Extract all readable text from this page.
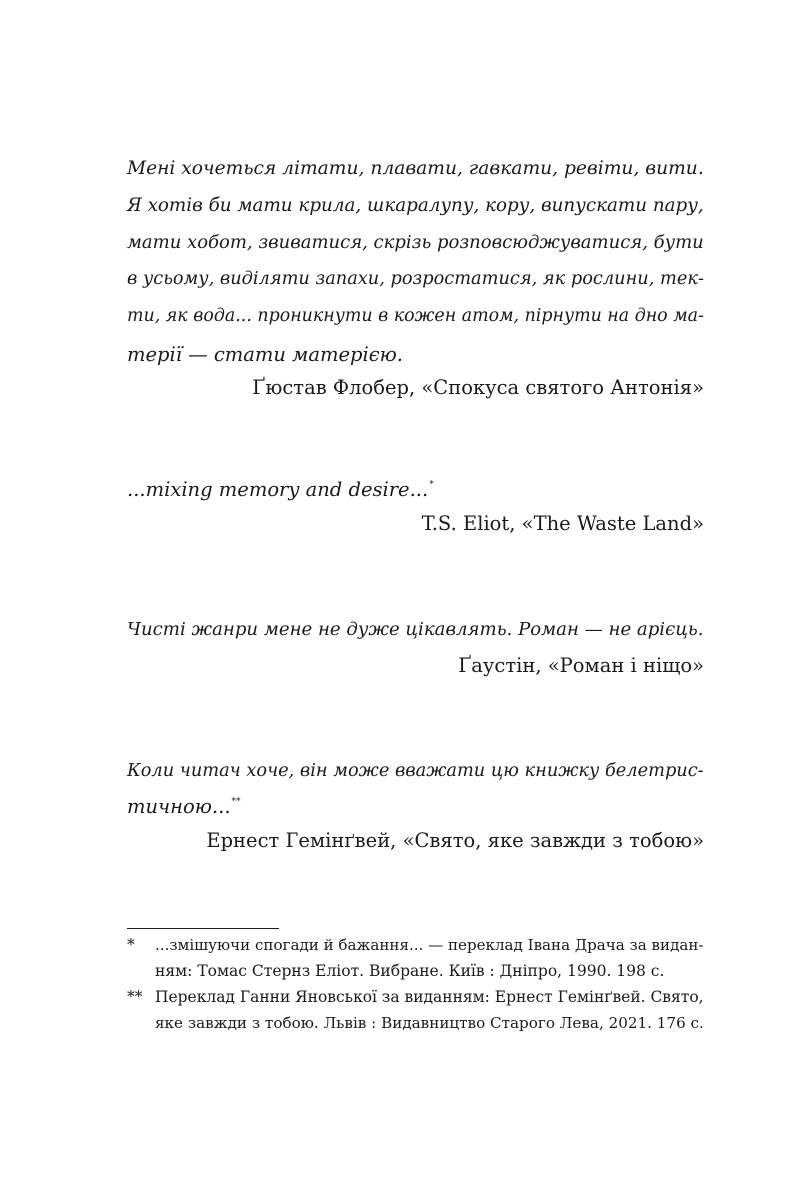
Мені хочеться літати, плавати, гавкати, ревіти, вити.
Я хотів би мати крила, шкаралупу, кору, випускати пару,
мати хобот, звиватися, скрізь розповсюджуватися, бути
в усьому, виділяти запахи, розростатися, як рослини, тек-
ти, як вода... проникнути в кожен атом, пірнути на дно ма-
терії — стати матерією.
Ґюстав Флобер, «Спокуса святого Антонія»
...mixing memory and desire...*
T.S. Eliot, «The Waste Land»
Чисті жанри мене не дуже цікавлять. Роман — не арієць.
Ґаустін, «Роман і ніщо»
Коли читач хоче, він може вважати цю книжку белетрис-
тичною...**
Ернест Гемінґвей, «Свято, яке завжди з тобою»
* ...змішуючи спогади й бажання... — переклад Івана Драча за видан-
ням: Томас Стернз Еліот. Вибране. Київ : Дніпро, 1990. 198 с.
** Переклад Ганни Яновської за виданням: Ернест Гемінґвей. Свято,
яке завжди з тобою. Львів : Видавництво Старого Лева, 2021. 176 с.
